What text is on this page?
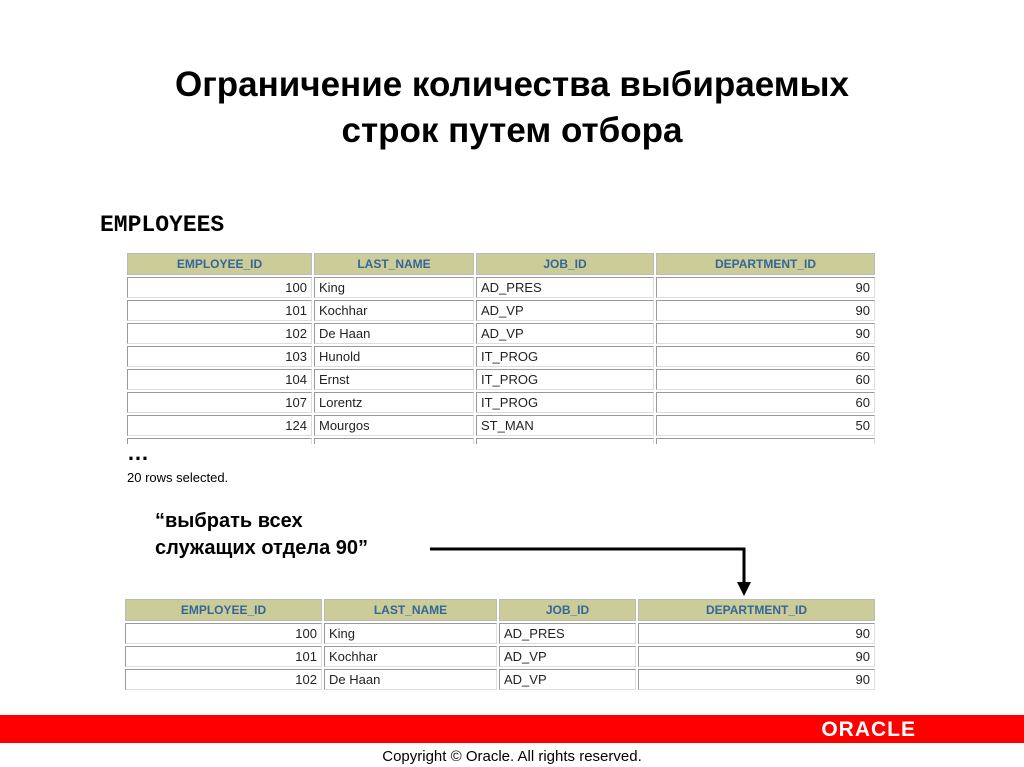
Ограничение количества выбираемых
строк путем отбора
EMPLOYEES
EMPLOYEE_ID	LAST_NAME	JOB_ID	DEPARTMENT_ID
100	King	AD_PRES	90
101	Kochhar	AD_VP	90
102	De Haan	AD_VP	90
103	Hunold	IT_PROG	60
104	Ernst	IT_PROG	60
107	Lorentz	IT_PROG	60
124	Mourgos	ST_MAN	50

…
20 rows selected.
“выбрать всех
служащих отдела 90”
EMPLOYEE_ID	LAST_NAME	JOB_ID	DEPARTMENT_ID
100	King	AD_PRES	90
101	Kochhar	AD_VP	90
102	De Haan	AD_VP	90
ORACLE
Copyright © Oracle. All rights reserved.
